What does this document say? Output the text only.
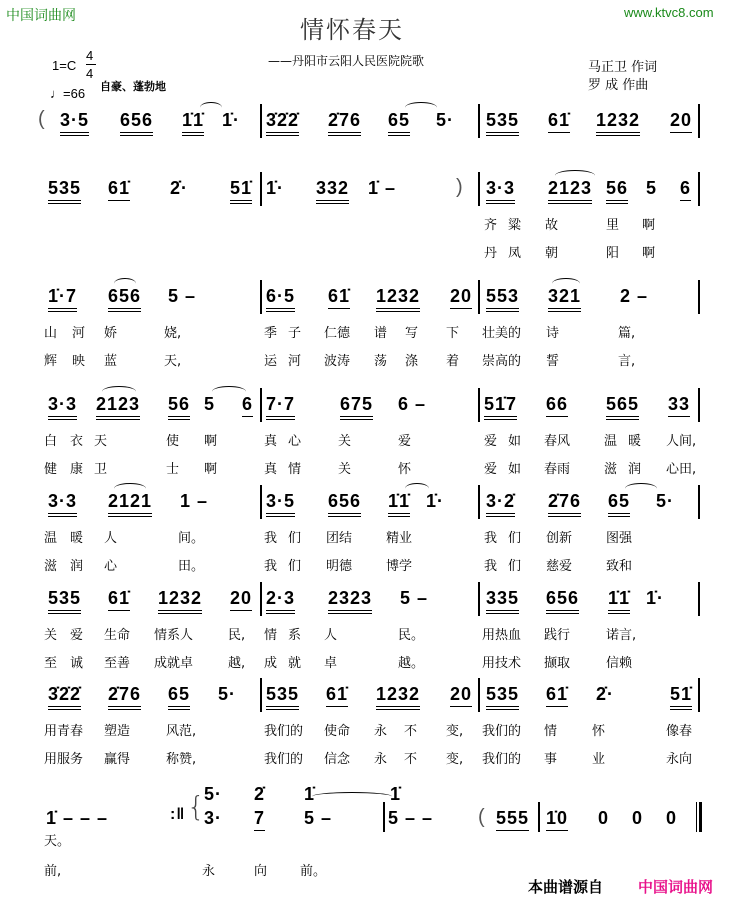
中国词曲网	www.ktvc8.com
情怀春天
——丹阳市云阳人民医院院歌	马正卫 作词
罗 成 作曲
1=C
4
4
♩=66 自豪、蓬勃地
( 3·5 656 1̇1̇ 1̇· 3̇2̇2̇ 2̇76 65 5· 535 61̇ 1232 20
535 61̇ 2̇· 51̇ 1̇· 332 1̇ –	) 3·3 2123 56 5 6
齐 粱 故	里 啊
丹 凤 朝	阳 啊
1̇·7 656 5 –	6·5 61̇ 1232 20 553 321 2 –
山 河 娇	娆,	季 子 仁德 谱 写 下 壮美的 诗	篇,
辉 映 蓝	天,	运 河 波涛 荡 涤 着 崇高的 誓	言,
3·3 2123 56 5 6 7·7 675 6 –	51̇7 66 565 33
白 衣 天	使 啊	真 心	关	爱	爱 如 春风	温 暖 人间,
健 康 卫	士 啊	真 情	关	怀	爱 如 春雨	滋 润 心田,
3·3 2121 1 –	3·5 656 1̇1̇ 1̇· 3·2̇ 2̇76 65 5·
温 暖 人	间。	我 们 团结	精业	我 们 创新	图强
滋 润 心	田。	我 们 明德	博学	我 们 慈爱	致和
535 61̇ 1232 20 2·3 2323 5 –	335 656 1̇1̇ 1̇·
关 爱 生命 情系人	民, 情 系 人	民。	用热血 践行	诺言,
至 诚 至善 成就卓	越, 成 就 卓	越。	用技术 撷取	信赖
3̇2̇2̇ 2̇76 65 5· 535 61̇ 1232 20 535 61̇ 2̇·	51̇
用青春 塑造	风范,	我们的 使命 永 不 变, 我们的 情	怀	像春
用服务 赢得	称赞,	我们的 信念 永 不 变, 我们的 事	业	永向
1̇ – – –	:‖ { 5· 2̇ 1̇	1̇
3· 7 5 –	5 – – ( 555 1̇0 0 0 0
天。
前,	永	向	前。
本曲谱源自 中国词曲网
